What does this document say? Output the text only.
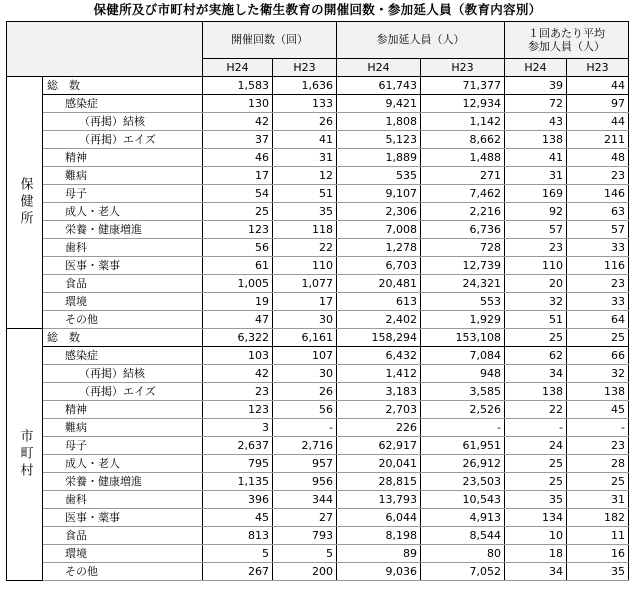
保健所及び市町村が実施した衛生教育の開催回数・参加延人員（教育内容別）
		開催回数（回）		参加延人員（人）		１回あたり平均
参加人員（人）	
		H24	H23	H24	H23	H24	H23
保健所	総　数	1,583	1,636	61,743	71,377	39	44
	感染症	130	133	9,421	12,934	72	97
	（再掲）結核	42	26	1,808	1,142	43	44
	（再掲）エイズ	37	41	5,123	8,662	138	211
	精神	46	31	1,889	1,488	41	48
	難病	17	12	535	271	31	23
	母子	54	51	9,107	7,462	169	146
	成人・老人	25	35	2,306	2,216	92	63
	栄養・健康増進	123	118	7,008	6,736	57	57
	歯科	56	22	1,278	728	23	33
	医事・薬事	61	110	6,703	12,739	110	116
	食品	1,005	1,077	20,481	24,321	20	23
	環境	19	17	613	553	32	33
	その他	47	30	2,402	1,929	51	64
市町村	総　数	6,322	6,161	158,294	153,108	25	25
	感染症	103	107	6,432	7,084	62	66
	（再掲）結核	42	30	1,412	948	34	32
	（再掲）エイズ	23	26	3,183	3,585	138	138
	精神	123	56	2,703	2,526	22	45
	難病	3	-	226	-	-	-
	母子	2,637	2,716	62,917	61,951	24	23
	成人・老人	795	957	20,041	26,912	25	28
	栄養・健康増進	1,135	956	28,815	23,503	25	25
	歯科	396	344	13,793	10,543	35	31
	医事・薬事	45	27	6,044	4,913	134	182
	食品	813	793	8,198	8,544	10	11
	環境	5	5	89	80	18	16
	その他	267	200	9,036	7,052	34	35
